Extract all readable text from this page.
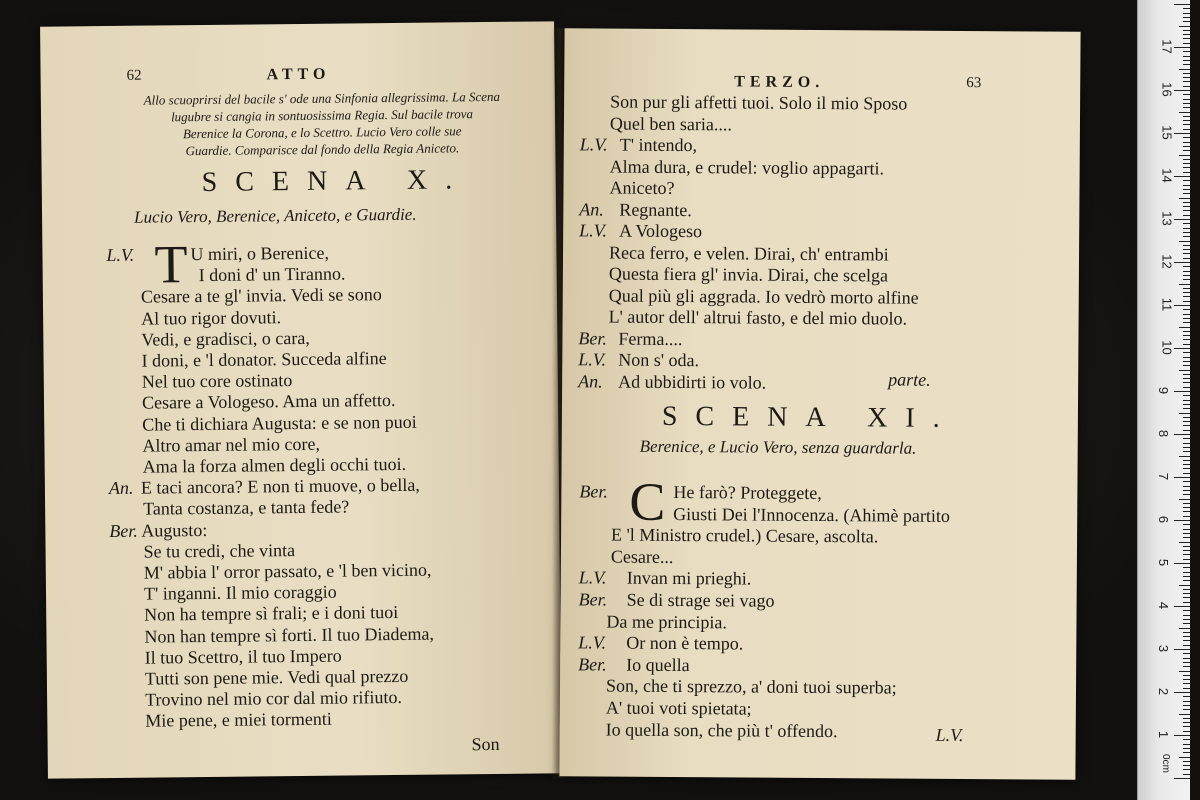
62	ATTO
Allo scuoprirsi del bacile s' ode una Sinfonia allegrissima. La Scena
lugubre si cangia in sontuosissima Regia. Sul bacile trova
Berenice la Corona, e lo Scettro. Lucio Vero colle sue
Guardie. Comparisce dal fondo della Regia Aniceto.
SCENA X.
Lucio Vero, Berenice, Aniceto, e Guardie.
T
L.V.	U miri, o Berenice,
I doni d' un Tiranno.
Cesare a te gl' invia. Vedi se sono
Al tuo rigor dovuti.
Vedi, e gradisci, o cara,
I doni, e 'l donator. Succeda alfine
Nel tuo core ostinato
Cesare a Vologeso. Ama un affetto.
Che ti dichiara Augusta: e se non puoi
Altro amar nel mio core,
Ama la forza almen degli occhi tuoi.
An. E taci ancora? E non ti muove, o bella,
Tanta costanza, e tanta fede?
Ber. Augusto:
Se tu credi, che vinta
M' abbia l' orror passato, e 'l ben vicino,
T' inganni. Il mio coraggio
Non ha tempre sì frali; e i doni tuoi
Non han tempre sì forti. Il tuo Diadema,
Il tuo Scettro, il tuo Impero
Tutti son pene mie. Vedi qual prezzo
Trovino nel mio cor dal mio rifiuto.
Mie pene, e miei tormenti
Son
TERZO.	63
Son pur gli affetti tuoi. Solo il mio Sposo
Quel ben saria....
L.V. T' intendo,
Alma dura, e crudel: voglio appagarti.
Aniceto?
An. Regnante.
L.V. A Vologeso
Reca ferro, e velen. Dirai, ch' entrambi
Questa fiera gl' invia. Dirai, che scelga
Qual più gli aggrada. Io vedrò morto alfine
L' autor dell' altrui fasto, e del mio duolo.
Ber. Ferma....
L.V. Non s' oda.
An. Ad ubbidirti io volo.	parte.
SCENA XI.
Berenice, e Lucio Vero, senza guardarla.
C
Ber.	He farò? Proteggete,
Giusti Dei l'Innocenza. (Ahimè partito
E 'l Ministro crudel.) Cesare, ascolta.
Cesare...
L.V. Invan mi prieghi.
Ber. Se di strage sei vago
Da me principia.
L.V. Or non è tempo.
Ber. Io quella
Son, che ti sprezzo, a' doni tuoi superba;
A' tuoi voti spietata;
Io quella son, che più t' offendo.	L.V.
0cm
17
16
15
14
13
12
11
10
9
8
7
6
5
4
3
2
1
